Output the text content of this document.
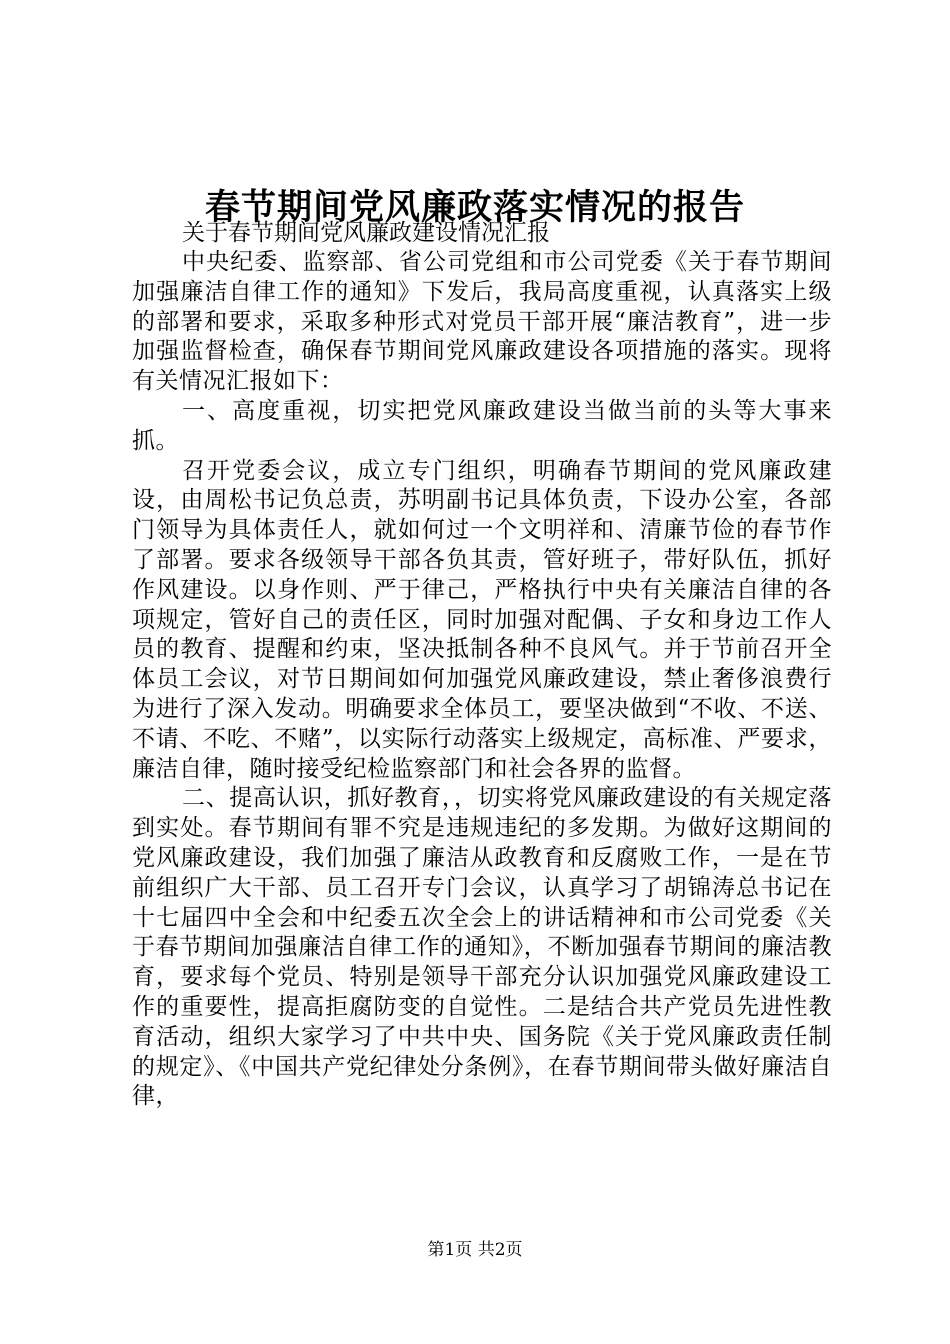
春节期间党风廉政落实情况的报告

关于春节期间党风廉政建设情况汇报

中央纪委、监察部、省公司党组和市公司党委《关于春节期间加强廉洁自律工作的通知》下发后，我局高度重视，认真落实上级的部署和要求，采取多种形式对党员干部开展“廉洁教育”，进一步加强监督检查，确保春节期间党风廉政建设各项措施的落实。现将有关情况汇报如下：

一、高度重视，切实把党风廉政建设当做当前的头等大事来抓。

召开党委会议，成立专门组织，明确春节期间的党风廉政建设，由周松书记负总责，苏明副书记具体负责，下设办公室，各部门领导为具体责任人，就如何过一个文明祥和、清廉节俭的春节作了部署。要求各级领导干部各负其责，管好班子，带好队伍，抓好作风建设。以身作则、严于律己，严格执行中央有关廉洁自律的各项规定，管好自己的责任区，同时加强对配偶、子女和身边工作人员的教育、提醒和约束，坚决抵制各种不良风气。并于节前召开全体员工会议，对节日期间如何加强党风廉政建设，禁止奢侈浪费行为进行了深入发动。明确要求全体员工，要坚决做到“不收、不送、不请、不吃、不赌”，以实际行动落实上级规定，高标准、严要求，廉洁自律，随时接受纪检监察部门和社会各界的监督。

二、提高认识，抓好教育，，切实将党风廉政建设的有关规定落到实处。春节期间有罪不究是违规违纪的多发期。为做好这期间的党风廉政建设，我们加强了廉洁从政教育和反腐败工作，一是在节前组织广大干部、员工召开专门会议，认真学习了胡锦涛总书记在十七届四中全会和中纪委五次全会上的讲话精神和市公司党委《关于春节期间加强廉洁自律工作的通知》，不断加强春节期间的廉洁教育，要求每个党员、特别是领导干部充分认识加强党风廉政建设工作的重要性，提高拒腐防变的自觉性。二是结合共产党员先进性教育活动，组织大家学习了中共中央、国务院《关于党风廉政责任制的规定》、《中国共产党纪律处分条例》，在春节期间带头做好廉洁自律，

第1页 共2页
